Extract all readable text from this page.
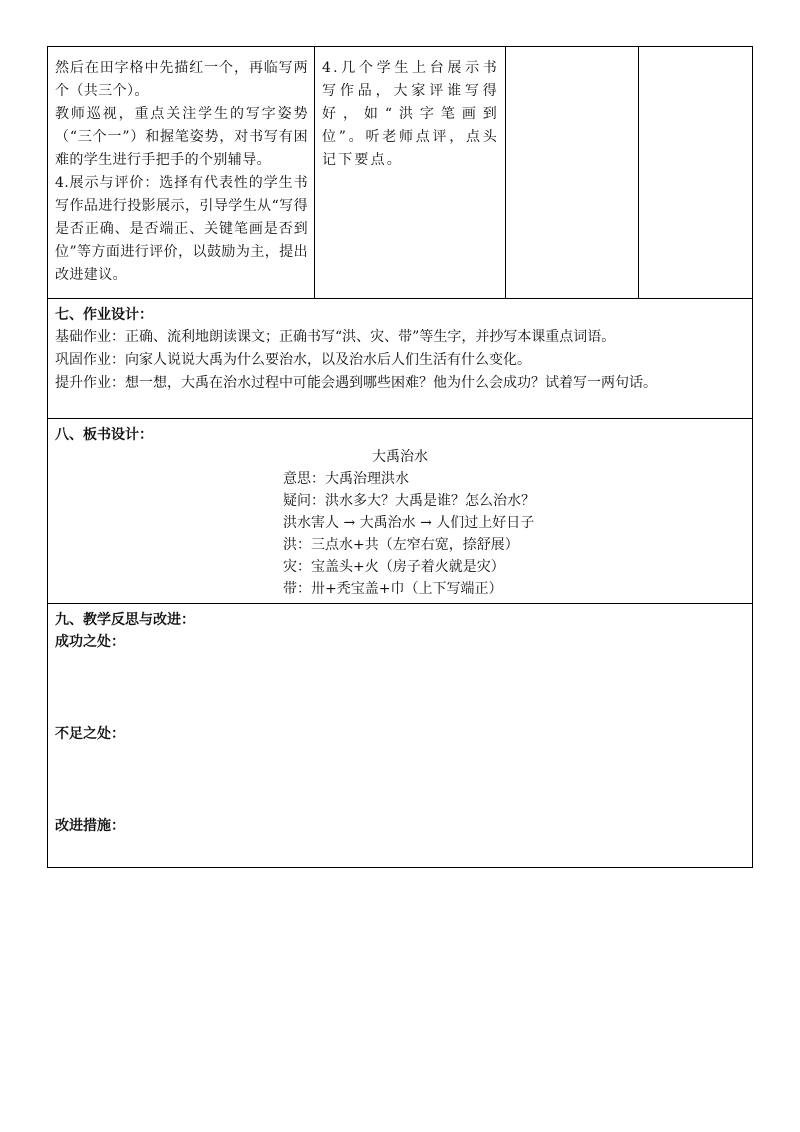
然后在田字格中先描红一个，再临写两个（共三个）。
教师巡视，重点关注学生的写字姿势（“三个一”）和握笔姿势，对书写有困难的学生进行手把手的个别辅导。
4.展示与评价：选择有代表性的学生书写作品进行投影展示，引导学生从“写得是否正确、是否端正、关键笔画是否到位”等方面进行评价，以鼓励为主，提出改进建议。
4.几个学生上台展示书写作品，大家评谁写得好，如“洪字笔画到位”。听老师点评，点头记下要点。
七、作业设计：
基础作业：正确、流利地朗读课文；正确书写“洪、灾、带”等生字，并抄写本课重点词语。
巩固作业：向家人说说大禹为什么要治水，以及治水后人们生活有什么变化。
提升作业：想一想，大禹在治水过程中可能会遇到哪些困难？他为什么会成功？试着写一两句话。
八、板书设计：
大禹治水
意思：大禹治理洪水
疑问：洪水多大？大禹是谁？怎么治水？
洪水害人 → 大禹治水 → 人们过上好日子
洪：三点水+共（左窄右宽，捺舒展）
灾：宝盖头+火（房子着火就是灾）
带：卅+秃宝盖+巾（上下写端正）
九、教学反思与改进：
成功之处：
不足之处：
改进措施：
